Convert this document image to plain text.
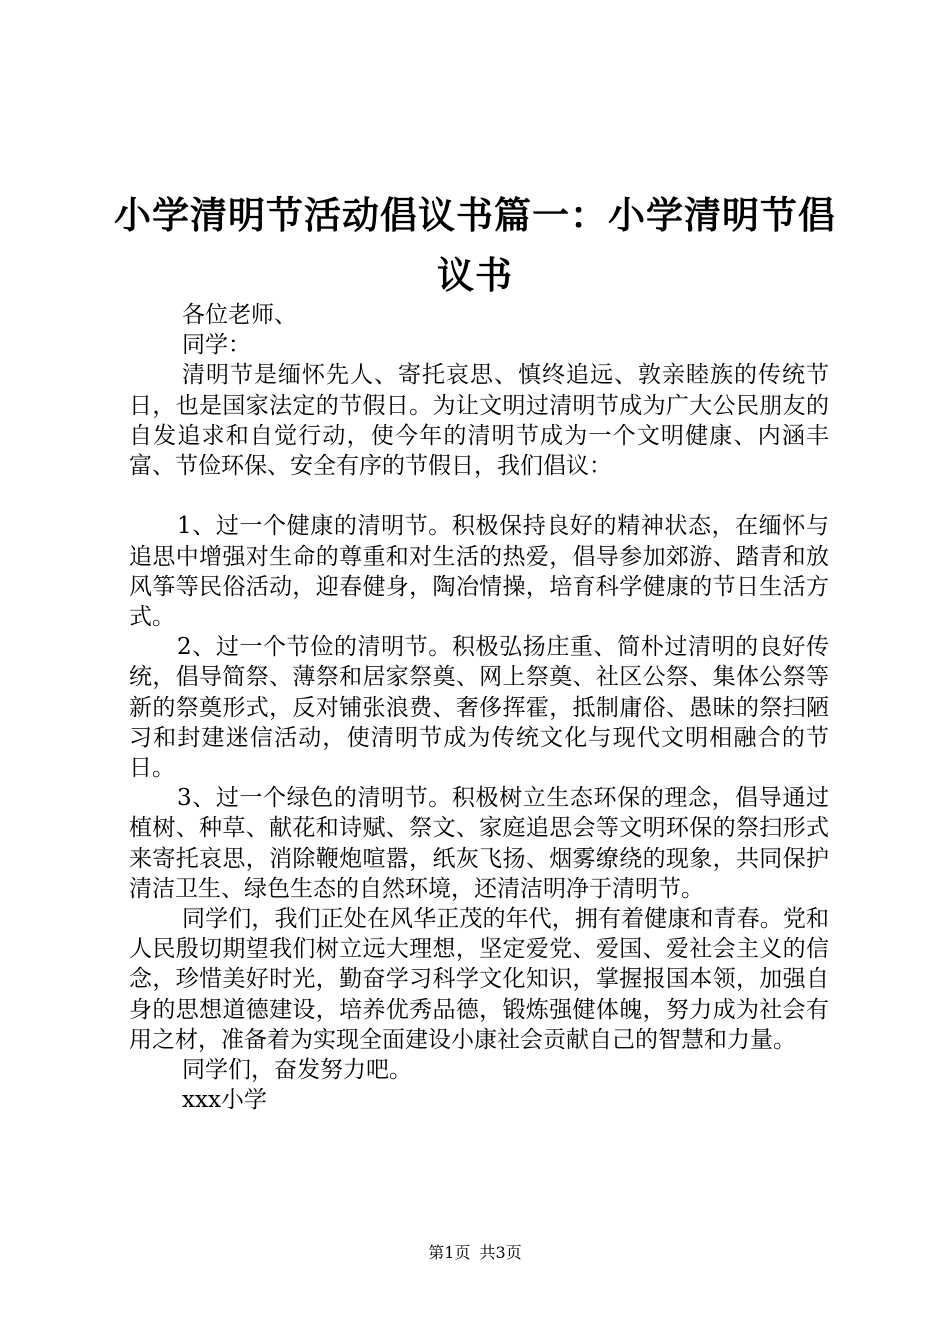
小学清明节活动倡议书篇一：小学清明节倡议书

各位老师、

同学：

清明节是缅怀先人、寄托哀思、慎终追远、敦亲睦族的传统节日，也是国家法定的节假日。为让文明过清明节成为广大公民朋友的自发追求和自觉行动，使今年的清明节成为一个文明健康、内涵丰富、节俭环保、安全有序的节假日，我们倡议：

1、过一个健康的清明节。积极保持良好的精神状态，在缅怀与追思中增强对生命的尊重和对生活的热爱，倡导参加郊游、踏青和放风筝等民俗活动，迎春健身，陶冶情操，培育科学健康的节日生活方式。

2、过一个节俭的清明节。积极弘扬庄重、简朴过清明的良好传统，倡导简祭、薄祭和居家祭奠、网上祭奠、社区公祭、集体公祭等新的祭奠形式，反对铺张浪费、奢侈挥霍，抵制庸俗、愚昧的祭扫陋习和封建迷信活动，使清明节成为传统文化与现代文明相融合的节日。

3、过一个绿色的清明节。积极树立生态环保的理念，倡导通过植树、种草、献花和诗赋、祭文、家庭追思会等文明环保的祭扫形式来寄托哀思，消除鞭炮喧嚣，纸灰飞扬、烟雾缭绕的现象，共同保护清洁卫生、绿色生态的自然环境，还清洁明净于清明节。

同学们，我们正处在风华正茂的年代，拥有着健康和青春。党和人民殷切期望我们树立远大理想，坚定爱党、爱国、爱社会主义的信念，珍惜美好时光，勤奋学习科学文化知识，掌握报国本领，加强自身的思想道德建设，培养优秀品德，锻炼强健体魄，努力成为社会有用之材，准备着为实现全面建设小康社会贡献自己的智慧和力量。

同学们，奋发努力吧。

xxx小学

第1页 共3页
